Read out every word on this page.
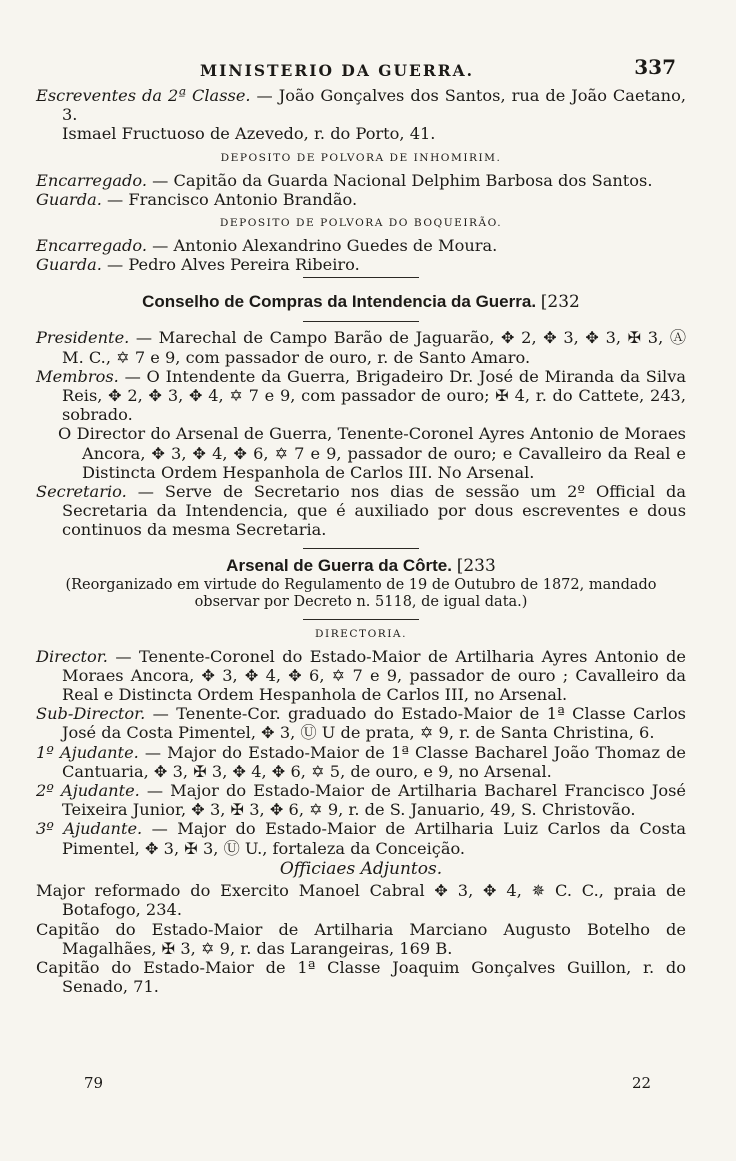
MINISTERIO DA GUERRA.	337

Escreventes da 2ª Classe. — João Gonçalves dos Santos, rua de João Caetano, 3.

Ismael Fructuoso de Azevedo, r. do Porto, 41.

DEPOSITO DE POLVORA DE INHOMIRIM.

Encarregado. — Capitão da Guarda Nacional Delphim Barbosa dos Santos.

Guarda. — Francisco Antonio Brandão.

DEPOSITO DE POLVORA DO BOQUEIRÃO.

Encarregado. — Antonio Alexandrino Guedes de Moura.

Guarda. — Pedro Alves Pereira Ribeiro.

Conselho de Compras da Intendencia da Guerra. [232

Presidente. — Marechal de Campo Barão de Jaguarão, ✥ 2, ✥ 3, ✥ 3, ✠ 3, Ⓐ M. C., ✡ 7 e 9, com passador de ouro, r. de Santo Amaro.

Membros. — O Intendente da Guerra, Brigadeiro Dr. José de Miranda da Silva Reis, ✥ 2, ✥ 3, ✥ 4, ✡ 7 e 9, com passador de ouro; ✠ 4, r. do Cattete, 243, sobrado.

O Director do Arsenal de Guerra, Tenente-Coronel Ayres Antonio de Moraes Ancora, ✥ 3, ✥ 4, ✥ 6, ✡ 7 e 9, passador de ouro; e Cavalleiro da Real e Distincta Ordem Hespanhola de Carlos III. No Arsenal.

Secretario. — Serve de Secretario nos dias de sessão um 2º Official da Secretaria da Intendencia, que é auxiliado por dous escreventes e dous continuos da mesma Secretaria.

Arsenal de Guerra da Côrte. [233

(Reorganizado em virtude do Regulamento de 19 de Outubro de 1872, mandado observar por Decreto n. 5118, de igual data.)

DIRECTORIA.

Director. — Tenente-Coronel do Estado-Maior de Artilharia Ayres Antonio de Moraes Ancora, ✥ 3, ✥ 4, ✥ 6, ✡ 7 e 9, passador de ouro ; Cavalleiro da Real e Distincta Ordem Hespanhola de Carlos III, no Arsenal.

Sub-Director. — Tenente-Cor. graduado do Estado-Maior de 1ª Classe Carlos José da Costa Pimentel, ✥ 3, Ⓤ U de prata, ✡ 9, r. de Santa Christina, 6.

1º Ajudante. — Major do Estado-Maior de 1ª Classe Bacharel João Thomaz de Cantuaria, ✥ 3, ✠ 3, ✥ 4, ✥ 6, ✡ 5, de ouro, e 9, no Arsenal.

2º Ajudante. — Major do Estado-Maior de Artilharia Bacharel Francisco José Teixeira Junior, ✥ 3, ✠ 3, ✥ 6, ✡ 9, r. de S. Januario, 49, S. Christovão.

3º Ajudante. — Major do Estado-Maior de Artilharia Luiz Carlos da Costa Pimentel, ✥ 3, ✠ 3, Ⓤ U., fortaleza da Conceição.

Officiaes Adjuntos.

Major reformado do Exercito Manoel Cabral ✥ 3, ✥ 4, ✵ C. C., praia de Botafogo, 234.

Capitão do Estado-Maior de Artilharia Marciano Augusto Botelho de Magalhães, ✠ 3, ✡ 9, r. das Larangeiras, 169 B.

Capitão do Estado-Maior de 1ª Classe Joaquim Gonçalves Guillon, r. do Senado, 71.

79	22
